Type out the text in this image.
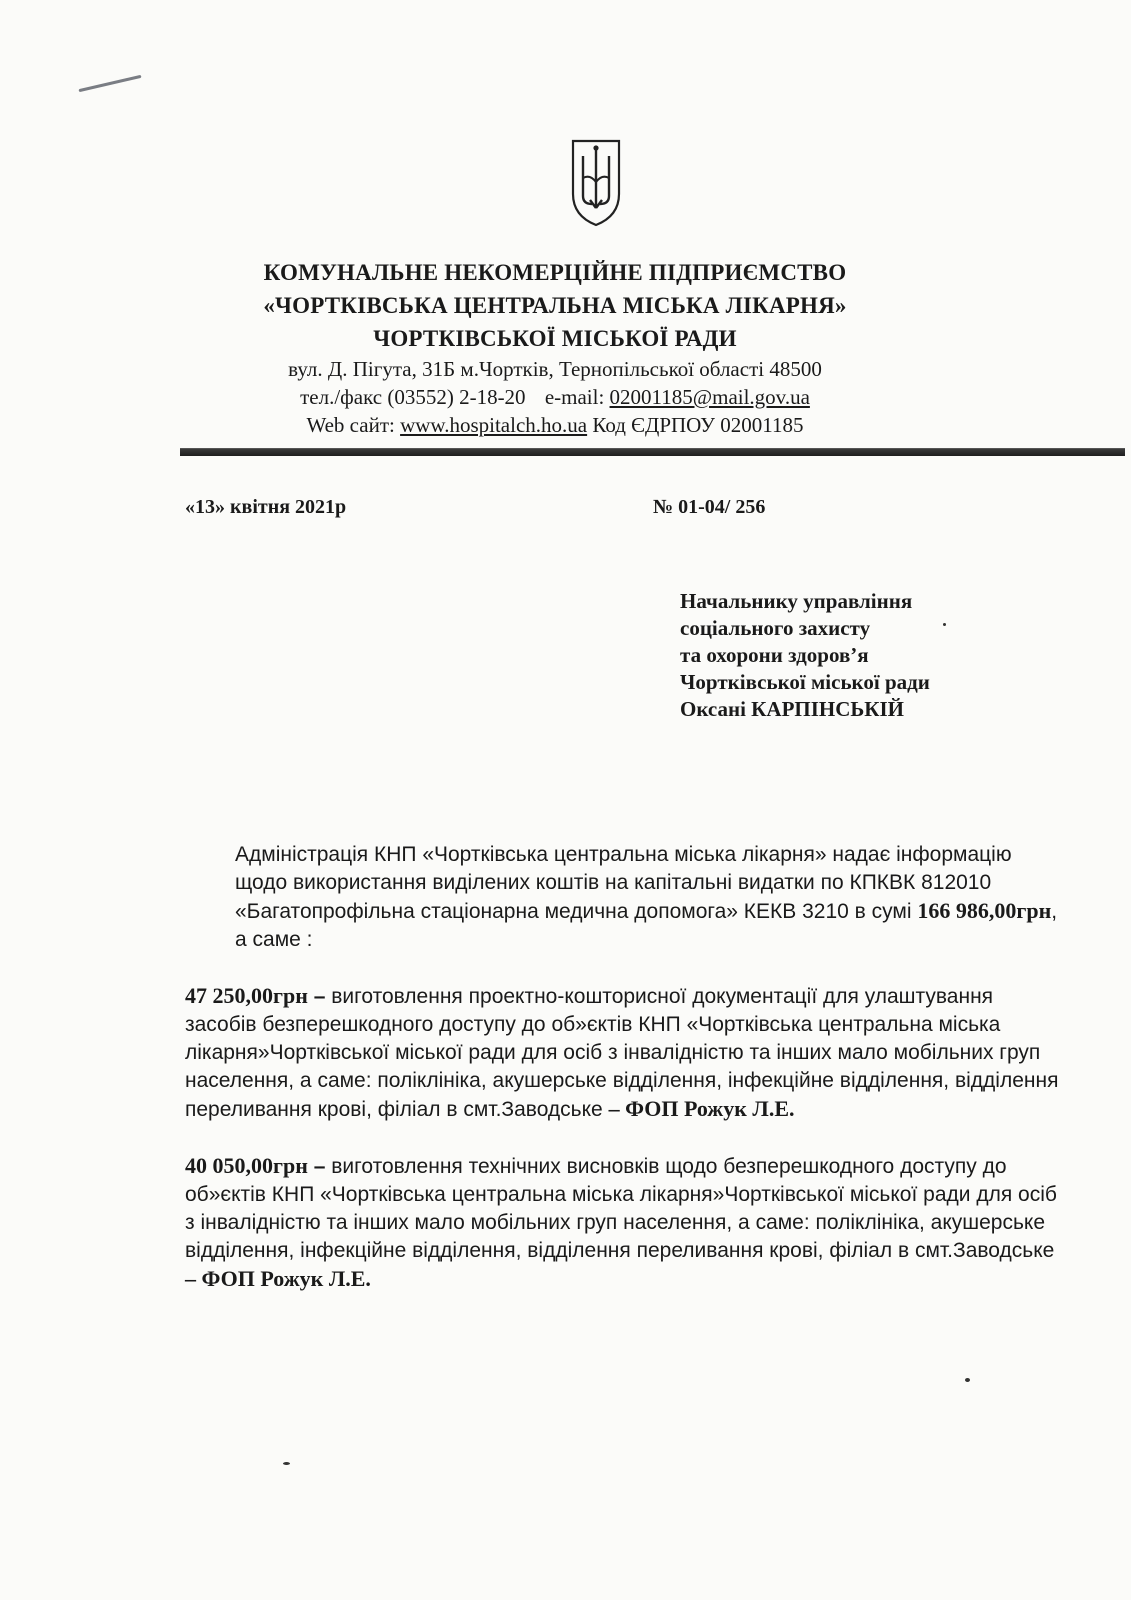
КОМУНАЛЬНЕ НЕКОМЕРЦІЙНЕ ПІДПРИЄМСТВО
«ЧОРТКІВСЬКА ЦЕНТРАЛЬНА МІСЬКА ЛІКАРНЯ»
ЧОРТКІВСЬКОЇ МІСЬКОЇ РАДИ
вул. Д. Пігута, 31Б м.Чортків, Тернопільської області 48500
тел./факс (03552) 2-18-20 e-mail: 02001185@mail.gov.ua
Web сайт: www.hospitalch.ho.ua Код ЄДРПОУ 02001185
«13» квітня 2021р	№ 01-04/ 256
Начальнику управління
соціального захисту
та охорони здоров’я
Чортківської міської ради
Оксані КАРПІНСЬКІЙ

Адміністрація КНП «Чортківська центральна міська лікарня» надає інформацію щодо використання виділених коштів на капітальні видатки по КПКВК 812010 «Багатопрофільна стаціонарна медична допомога» КЕКВ 3210 в сумі 166 986,00грн, а саме :

47 250,00грн – виготовлення проектно-кошторисної документації для улаштування засобів безперешкодного доступу до об»єктів КНП «Чортківська центральна міська лікарня»Чортківської міської ради для осіб з інвалідністю та інших мало мобільних груп населення, а саме: поліклініка, акушерське відділення, інфекційне відділення, відділення переливання крові, філіал в смт.Заводське – ФОП Рожук Л.Е.

40 050,00грн – виготовлення технічних висновків щодо безперешкодного доступу до об»єктів КНП «Чортківська центральна міська лікарня»Чортківської міської ради для осіб з інвалідністю та інших мало мобільних груп населення, а саме: поліклініка, акушерське відділення, інфекційне відділення, відділення переливання крові, філіал в смт.Заводське – ФОП Рожук Л.Е.
